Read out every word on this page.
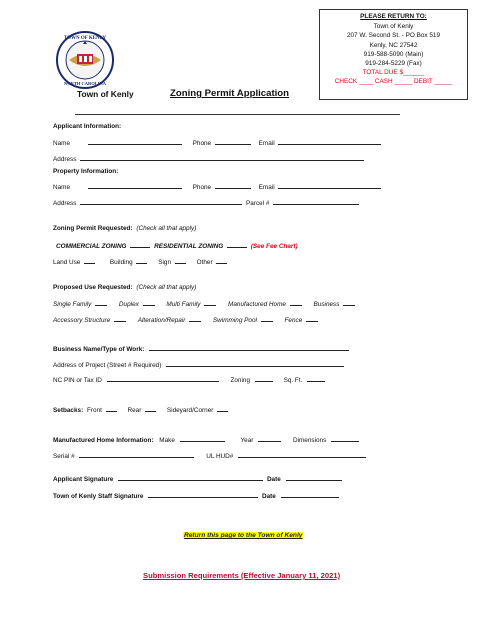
TOWN OF KENLY
NORTH CAROLINA
Town of Kenly	Zoning Permit Application
PLEASE RETURN TO:
Town of Kenly
207 W. Second St. - PO Box 519
Kenly, NC 27542
919-588-5090 (Main)
919-284-5229 (Fax)
TOTAL DUE $______
CHECK ____ CASH _____ DEBIT _____
Applicant Information:
Name	Phone	Email
Address
Property Information:
Name	Phone	Email
Address	Parcel #
Zoning Permit Requested: (Check all that apply)
COMMERCIAL ZONING	RESIDENTIAL ZONING	(See Fee Chart)
Land Use	Building	Sign	Other
Proposed Use Requested: (Check all that apply)
Single Family	Duplex	Multi Family	Manufactured Home	Business
Accessory Structure	Alteration/Repair	Swimming Pool	Fence
Business Name/Type of Work:
Address of Project (Street # Required)
NC PIN or Tax ID	Zoning	Sq. Ft.
Setbacks: Front	Rear	Sideyard/Corner
Manufactured Home Information: Make	Year	Dimensions
Serial #	UL HUD#
Applicant Signature	Date
Town of Kenly Staff Signature	Date
Return this page to the Town of Kenly
Submission Requirements (Effective January 11, 2021)
